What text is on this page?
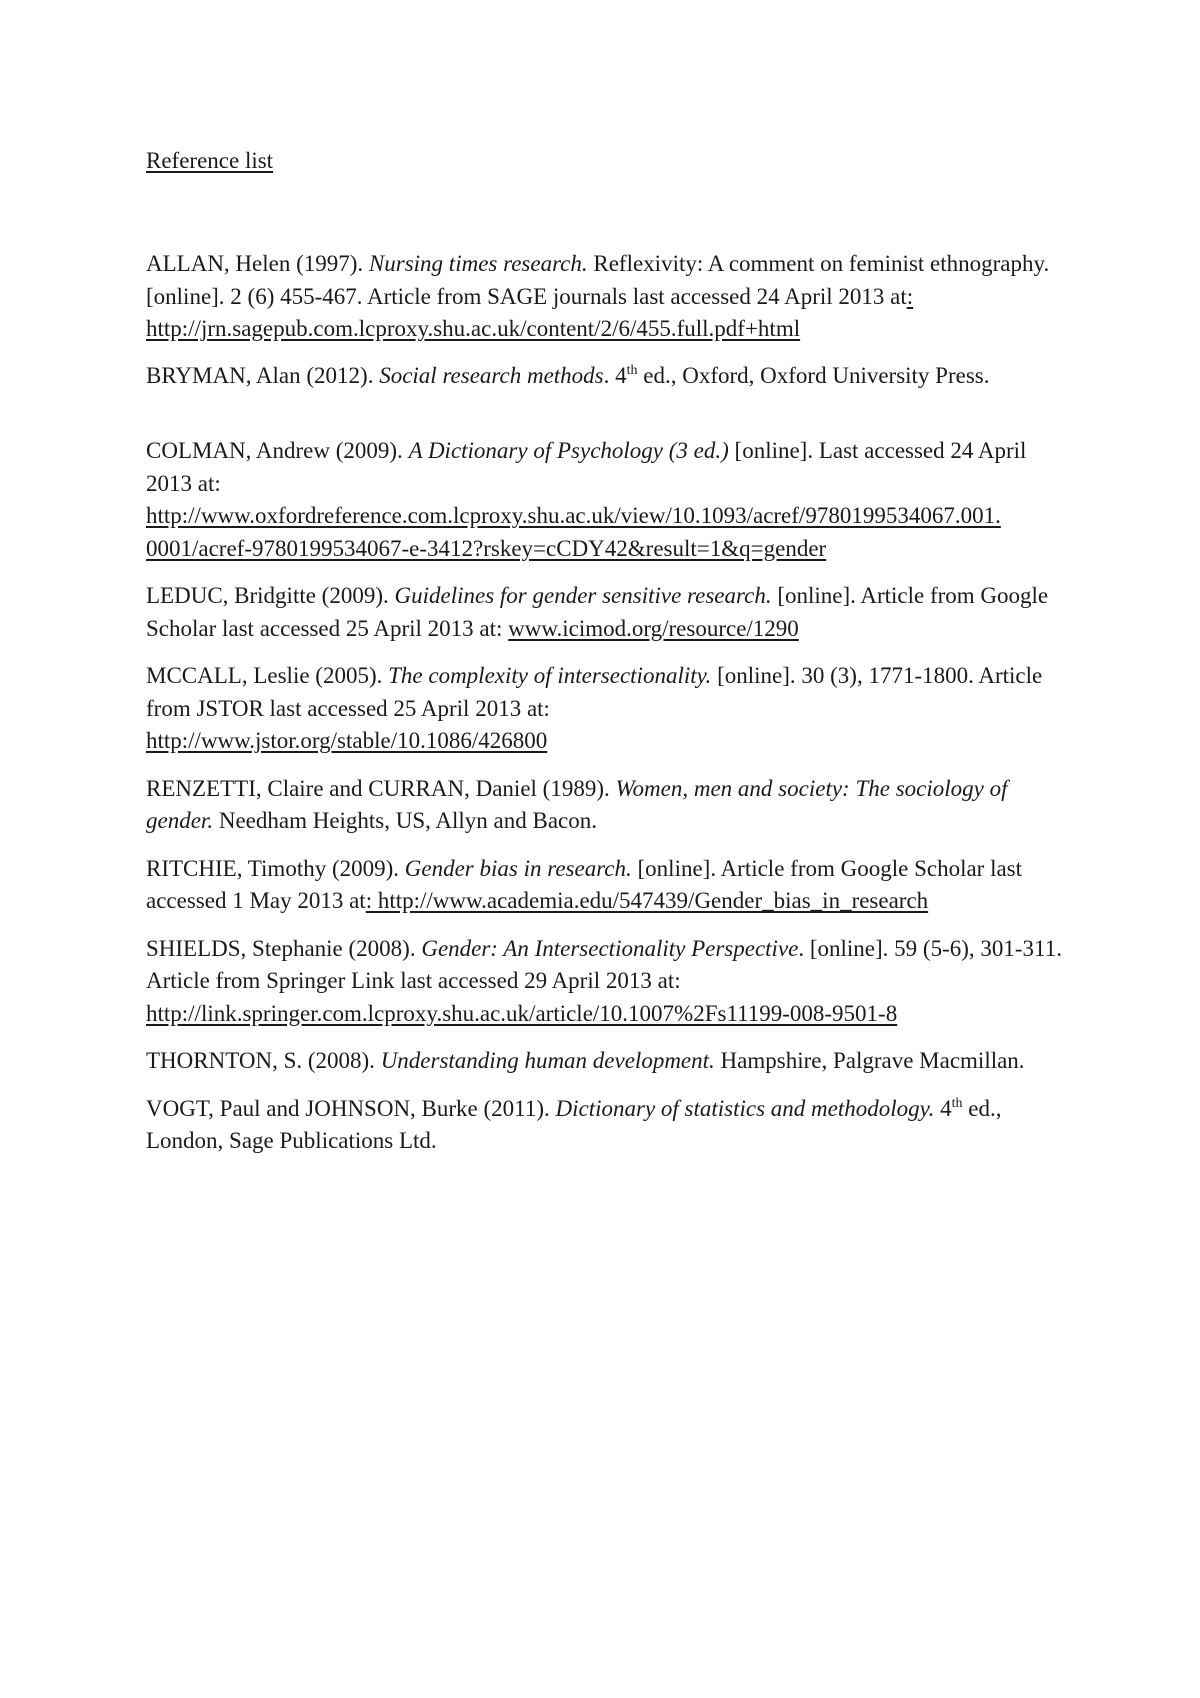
Reference list

ALLAN, Helen (1997). Nursing times research. Reflexivity: A comment on feminist ethnography. [online]. 2 (6) 455-467. Article from SAGE journals last accessed 24 April 2013 at: http://jrn.sagepub.com.lcproxy.shu.ac.uk/content/2/6/455.full.pdf+html

BRYMAN, Alan (2012). Social research methods. 4th ed., Oxford, Oxford University Press.

COLMAN, Andrew (2009). A Dictionary of Psychology (3 ed.) [online]. Last accessed 24 April 2013 at:
http://www.oxfordreference.com.lcproxy.shu.ac.uk/view/10.1093/acref/9780199534067.001.
0001/acref-9780199534067-e-3412?rskey=cCDY42&result=1&q=gender

LEDUC, Bridgitte (2009). Guidelines for gender sensitive research. [online]. Article from Google Scholar last accessed 25 April 2013 at: www.icimod.org/resource/1290

MCCALL, Leslie (2005). The complexity of intersectionality. [online]. 30 (3), 1771-1800. Article from JSTOR last accessed 25 April 2013 at:
http://www.jstor.org/stable/10.1086/426800

RENZETTI, Claire and CURRAN, Daniel (1989). Women, men and society: The sociology of gender. Needham Heights, US, Allyn and Bacon.

RITCHIE, Timothy (2009). Gender bias in research. [online]. Article from Google Scholar last accessed 1 May 2013 at: http://www.academia.edu/547439/Gender_bias_in_research

SHIELDS, Stephanie (2008). Gender: An Intersectionality Perspective. [online]. 59 (5-6), 301-311. Article from Springer Link last accessed 29 April 2013 at:
http://link.springer.com.lcproxy.shu.ac.uk/article/10.1007%2Fs11199-008-9501-8

THORNTON, S. (2008). Understanding human development. Hampshire, Palgrave Macmillan.

VOGT, Paul and JOHNSON, Burke (2011). Dictionary of statistics and methodology. 4th ed., London, Sage Publications Ltd.
